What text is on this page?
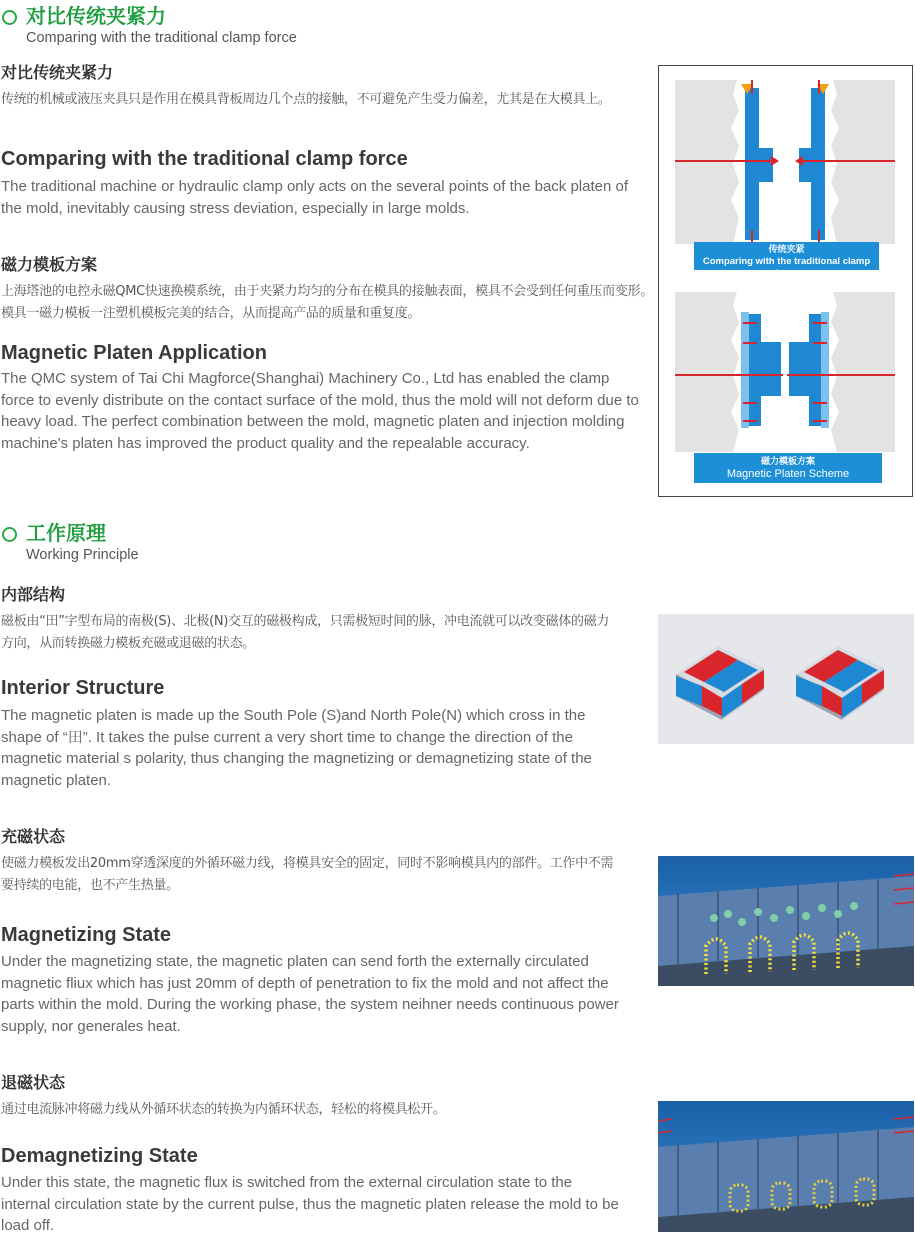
对比传统夹紧力
Comparing with the traditional clamp force
对比传统夹紧力
传统的机械或液压夹具只是作用在模具背板周边几个点的接触，不可避免产生受力偏差，尤其是在大模具上。
Comparing with the traditional clamp force
The traditional machine or hydraulic clamp only acts on the several points of the back platen of the mold, inevitably causing stress deviation, especially in large molds.
磁力模板方案
上海塔池的电控永磁QMC快速换模系统，由于夹紧力均匀的分布在模具的接触表面，模具不会受到任何重压而变形。模具一磁力模板一注塑机模板完美的结合，从而提高产品的质量和重复度。
Magnetic Platen Application
The QMC system of Tai Chi Magforce(Shanghai) Machinery Co., Ltd has enabled the clamp force to evenly distribute on the contact surface of the mold, thus the mold will not deform due to heavy load. The perfect combination between the mold, magnetic platen and injection molding machine's platen has improved the product quality and the repealable accuracy.
传统夹紧
Comparing with the traditional clamp force
磁力模板方案
Magnetic Platen Scheme
工作原理
Working Principle
内部结构
磁板由“田”字型布局的南极(S)、北极(N)交互的磁极构成，只需极短时间的脉，冲电流就可以改变磁体的磁力方向，从而转换磁力模板充磁或退磁的状态。
Interior Structure
The magnetic platen is made up the South Pole (S)and North Pole(N) which cross in the shape of “田”. It takes the pulse current a very short time to change the direction of the magnetic material s polarity, thus changing the magnetizing or demagnetizing state of the magnetic platen.
充磁状态
使磁力模板发出20mm穿透深度的外循环磁力线，将模具安全的固定，同时不影响模具内的部件。工作中不需要持续的电能，也不产生热量。
Magnetizing State
Under the magnetizing state, the magnetic platen can send forth the externally circulated magnetic fliux which has just 20mm of depth of penetration to fix the mold and not affect the parts within the mold. During the working phase, the system neihner needs continuous power supply, nor generales heat.
退磁状态
通过电流脉冲将磁力线从外循环状态的转换为内循环状态，轻松的将模具松开。
Demagnetizing State
Under this state, the magnetic flux is switched from the external circulation state to the internal circulation state by the current pulse, thus the magnetic platen release the mold to be load off.
